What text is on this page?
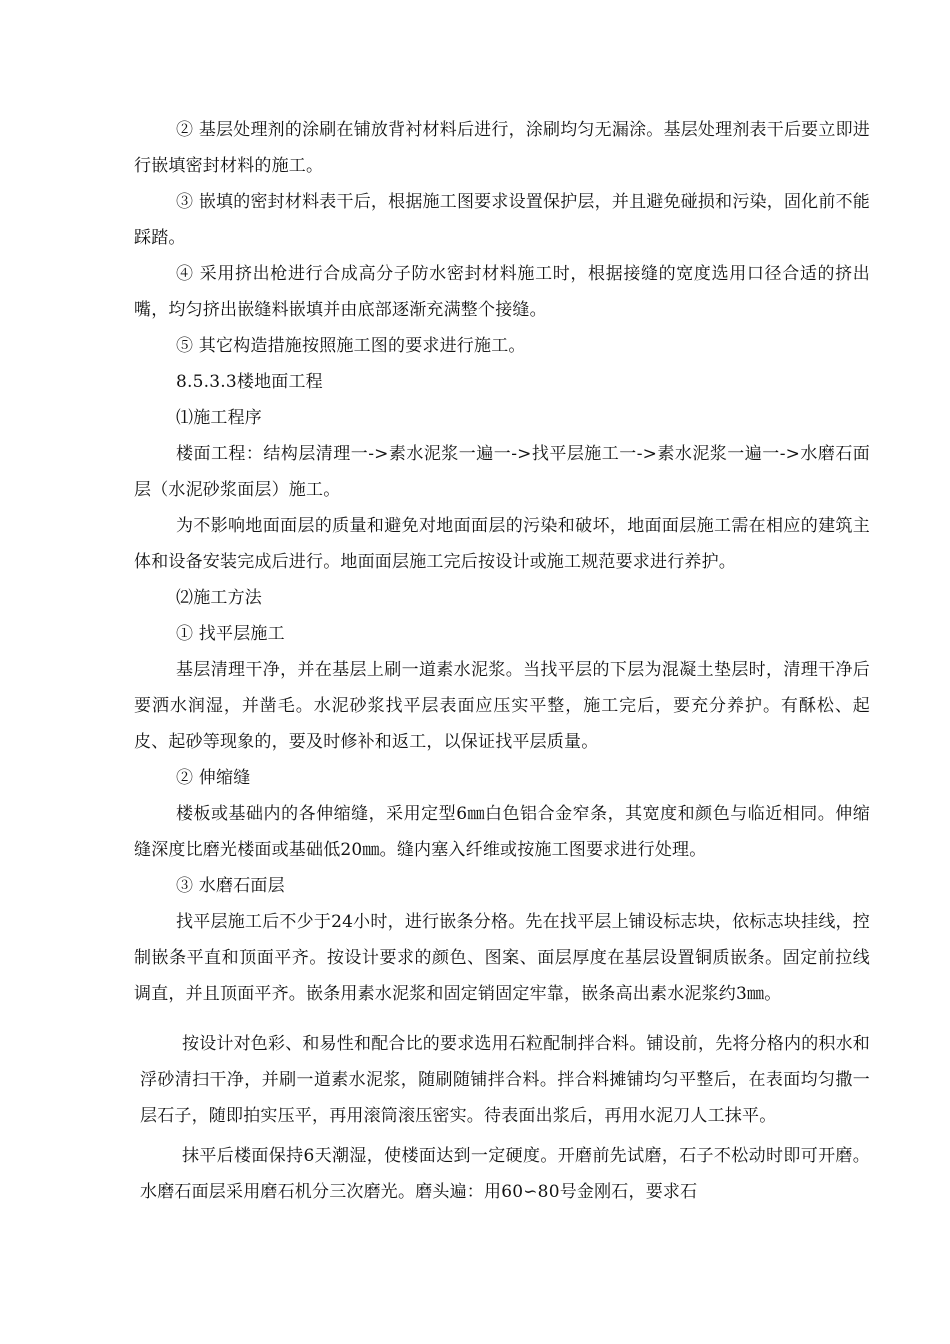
② 基层处理剂的涂刷在铺放背衬材料后进行，涂刷均匀无漏涂。基层处理剂表干后要立即进行嵌填密封材料的施工。

③ 嵌填的密封材料表干后，根据施工图要求设置保护层，并且避免碰损和污染，固化前不能踩踏。

④ 采用挤出枪进行合成高分子防水密封材料施工时，根据接缝的宽度选用口径合适的挤出嘴，均匀挤出嵌缝料嵌填并由底部逐渐充满整个接缝。

⑤ 其它构造措施按照施工图的要求进行施工。

8.5.3.3楼地面工程

⑴施工程序

楼面工程：结构层清理一->素水泥浆一遍一->找平层施工一->素水泥浆一遍一->水磨石面层（水泥砂浆面层）施工。

为不影响地面面层的质量和避免对地面面层的污染和破坏，地面面层施工需在相应的建筑主体和设备安装完成后进行。地面面层施工完后按设计或施工规范要求进行养护。

⑵施工方法

① 找平层施工

基层清理干净，并在基层上刷一道素水泥浆。当找平层的下层为混凝土垫层时，清理干净后要洒水润湿，并凿毛。水泥砂浆找平层表面应压实平整，施工完后，要充分养护。有酥松、起皮、起砂等现象的，要及时修补和返工，以保证找平层质量。

② 伸缩缝

楼板或基础内的各伸缩缝，采用定型6㎜白色铝合金窄条，其宽度和颜色与临近相同。伸缩缝深度比磨光楼面或基础低20㎜。缝内塞入纤维或按施工图要求进行处理。

③ 水磨石面层

找平层施工后不少于24小时，进行嵌条分格。先在找平层上铺设标志块，依标志块挂线，控制嵌条平直和顶面平齐。按设计要求的颜色、图案、面层厚度在基层设置铜质嵌条。固定前拉线调直，并且顶面平齐。嵌条用素水泥浆和固定销固定牢靠，嵌条高出素水泥浆约3㎜。

按设计对色彩、和易性和配合比的要求选用石粒配制拌合料。铺设前，先将分格内的积水和浮砂清扫干净，并刷一道素水泥浆，随刷随铺拌合料。拌合料摊铺均匀平整后，在表面均匀撒一层石子，随即拍实压平，再用滚筒滚压密实。待表面出浆后，再用水泥刀人工抹平。

抹平后楼面保持6天潮湿，使楼面达到一定硬度。开磨前先试磨，石子不松动时即可开磨。水磨石面层采用磨石机分三次磨光。磨头遍：用60∽80号金刚石，要求石
